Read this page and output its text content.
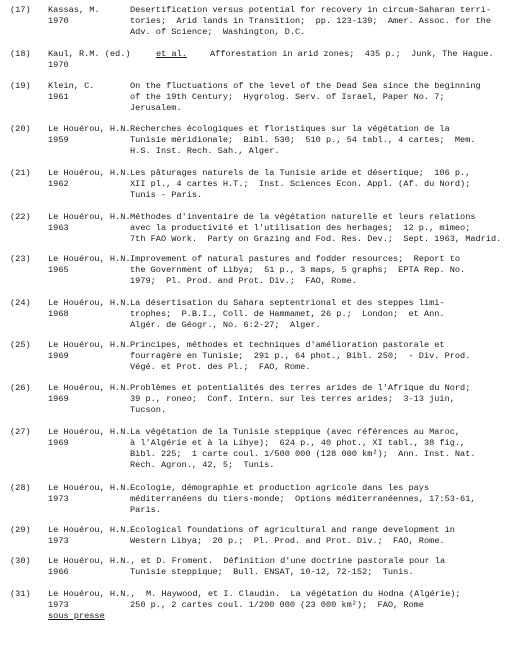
(17) Kassas, M.
1970
Desertification versus potential for recovery in circum-Saharan terri-
tories;  Arid lands in Transition;  pp. 123-139;  Amer. Assoc. for the
Adv. of Science;  Washington, D.C.
(18) Kaul, R.M. (ed.)	et al.
1970
Afforestation in arid zones;  435 p.;  Junk, The Hague.
(19) Klein, C.
1961
On the fluctuations of the level of the Dead Sea since the beginning
of the 19th Century;  Hygrolog. Serv. of Israel, Paper No. 7;
Jerusalem.
(20) Le Houérou, H.N.
1959
Recherches écologiques et floristiques sur la végétation de la
Tunisie méridionale;  Bibl. 530;  510 p., 54 tabl., 4 cartes;  Mem.
H.S. Inst. Rech. Sah., Alger.
(21) Le Houérou, H.N.
1962
Les pâturages naturels de la Tunisie aride et désertique;  106 p.,
XII pl., 4 cartes H.T.;  Inst. Sciences Econ. Appl. (Af. du Nord);
Tunis - Paris.
(22) Le Houérou, H.N.
1963
Méthodes d'inventaire de la végétation naturelle et leurs relations
avec la productivité et l'utilisation des herbages;  12 p., mimeo;
7th FAO Work.  Party on Grazing and Fod. Res. Dev.;  Sept. 1963, Madrid.
(23) Le Houérou, H.N.
1965
Improvement of natural pastures and fodder resources;  Report to
the Government of Libya;  51 p., 3 maps, 5 graphs;  EPTA Rep. No.
1979;  Pl. Prod. and Prot. Div.;  FAO, Rome.
(24) Le Houérou, H.N.
1968
La désertisation du Sahara septentrional et des steppes limi-
trophes;  P.B.I., Coll. de Hammamet, 26 p.;  London;  et Ann.
Algér. de Géogr., No. 6:2-27;  Alger.
(25) Le Houérou, H.N.
1969
Principes, méthodes et techniques d'amélioration pastorale et
fourragère en Tunisie;  291 p., 64 phot., Bibl. 250;  - Div. Prod.
Végé. et Prot. des Pl.;  FAO, Rome.
(26) Le Houérou, H.N.
1969
Problèmes et potentialités des terres arides de l'Afrique du Nord;
39 p., roneo;  Conf. Intern. sur les terres arides;  3-13 juin,
Tucson.
(27) Le Houérou, H.N.
1969
La végétation de la Tunisie steppique (avec références au Maroc,
à l'Algérie et à la Libye);  624 p., 40 phot., XI tabl., 38 fig.,
Bibl. 225;  1 carte coul. 1/500 000 (128 000 km²);  Ann. Inst. Nat.
Rech. Agron., 42, 5;  Tunis.
(28) Le Houérou, H.N.
1973
Ecologie, démographie et production agricole dans les pays
méditerranéens du tiers-monde;  Options méditerranéennes, 17:53-61,
Paris.
(29) Le Houérou, H.N.
1973
Ecological foundations of agricultural and range development in
Western Libya;  20 p.;  Pl. Prod. and Prot. Div.;  FAO, Rome.
(30) Le Houérou, H.N., et D. Froment. Définition d'une doctrine pastorale pour la
1966	Tunisie steppique;  Bull. ENSAT, 10-12, 72-152;  Tunis.
(31) Le Houérou, H.N.,  M. Haywood, et I. Claudin. La végétation du Hodna (Algérie);
1973	250 p., 2 cartes coul. 1/200 000 (23 000 km²);  FAO, Rome
sous presse
